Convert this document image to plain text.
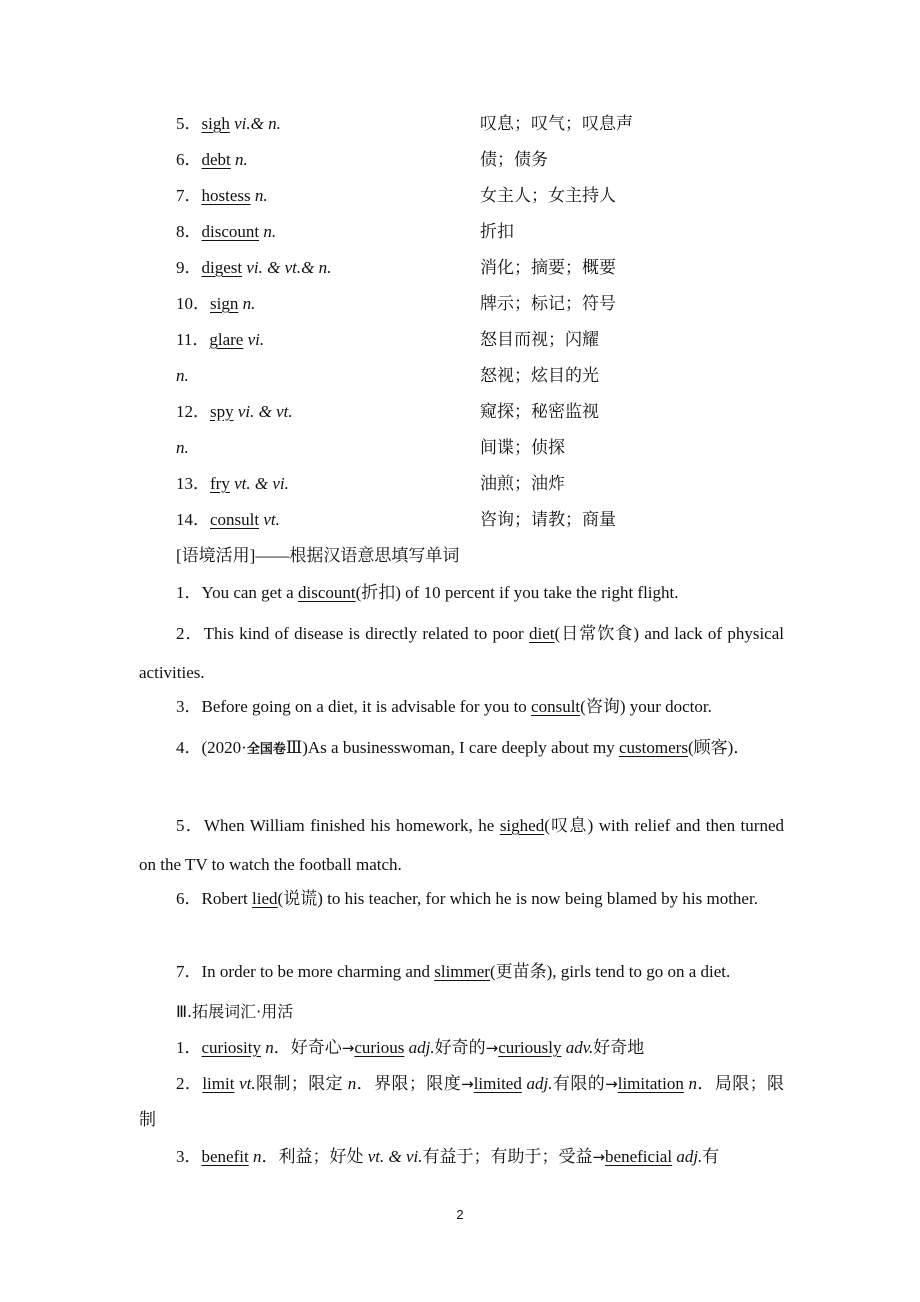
5．sigh vi.& n.	叹息；叹气；叹息声
6．debt n.	债；债务
7．hostess n.	女主人；女主持人
8．discount n.	折扣
9．digest vi. & vt.& n.	消化；摘要；概要
10．sign n.	牌示；标记；符号
11．glare vi.	怒目而视；闪耀
n.	怒视；炫目的光
12．spy vi. & vt.	窥探；秘密监视
n.	间谍；侦探
13．fry vt. & vi.	油煎；油炸
14．consult vt.	咨询；请教；商量
[语境活用]——根据汉语意思填写单词

1．You can get a discount(折扣) of 10 percent if you take the right flight.

2．This kind of disease is directly related to poor diet(日常饮食) and lack of physical activities.

3．Before going on a diet, it is advisable for you to consult(咨询) your doctor.

4．(2020·全国卷Ⅲ)As a businesswoman, I care deeply about my customers(顾客)．

5．When William finished his homework, he sighed(叹息) with relief and then turned on the TV to watch the football match.

6．Robert lied(说谎) to his teacher, for which he is now being blamed by his mother.

7．In order to be more charming and slimmer(更苗条), girls tend to go on a diet.

Ⅲ.拓展词汇·用活

1．curiosity n．好奇心→curious adj.好奇的→curiously adv.好奇地

2．limit vt.限制；限定 n．界限；限度→limited adj.有限的→limitation n．局限；限制

3．benefit n．利益；好处 vt. & vi.有益于；有助于；受益→beneficial adj.有

2
